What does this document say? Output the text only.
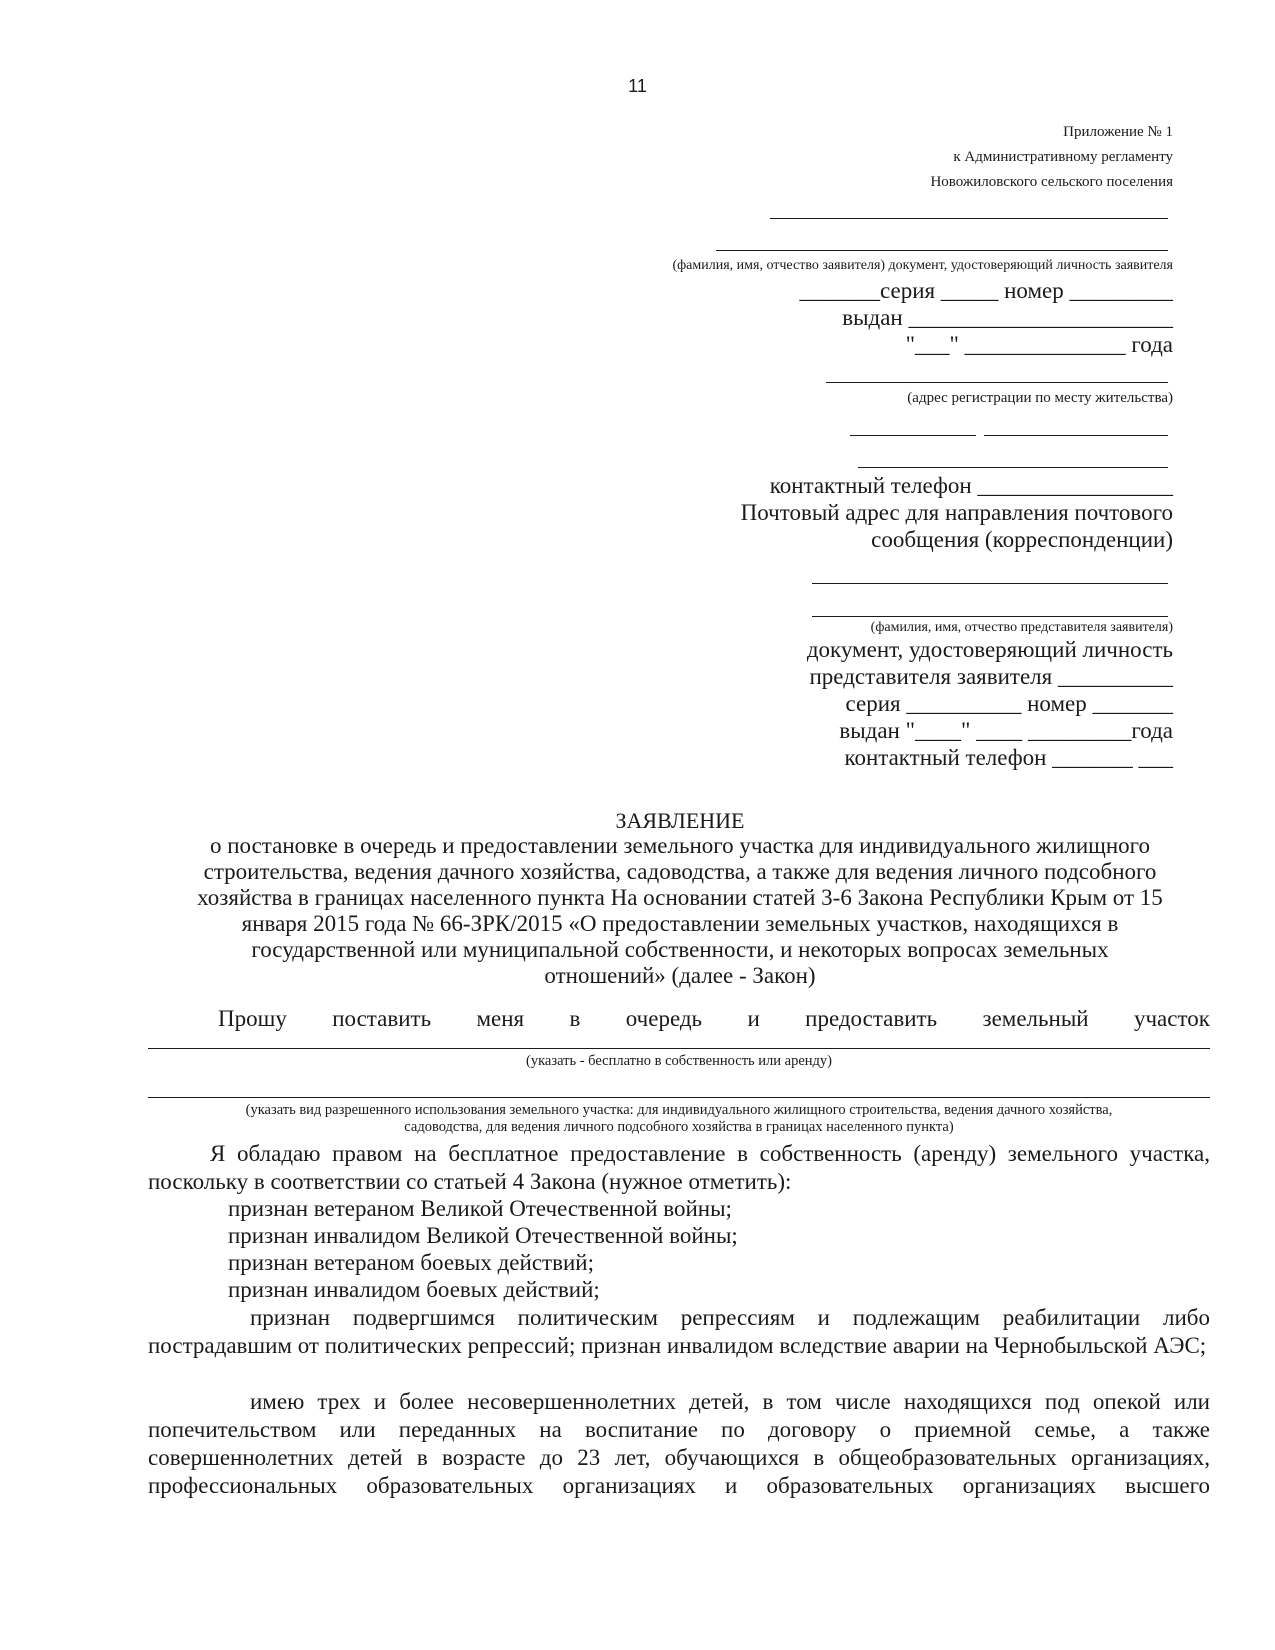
11
Приложение № 1
к Административному регламенту
Новожиловского сельского поселения
(фамилия, имя, отчество заявителя) документ, удостоверяющий личность заявителя
_______серия _____ номер _________
выдан _______________________
"___" ______________ года
(адрес регистрации по месту жительства)
контактный телефон _________________
Почтовый адрес для направления почтового
сообщения (корреспонденции)
(фамилия, имя, отчество представителя заявителя)
документ, удостоверяющий личность
представителя заявителя __________
серия __________ номер _______
выдан "____" ____ _________года
контактный телефон _______ ___
ЗАЯВЛЕНИЕ
о постановке в очередь и предоставлении земельного участка для индивидуального жилищного
строительства, ведения дачного хозяйства, садоводства, а также для ведения личного подсобного
хозяйства в границах населенного пункта На основании статей 3-6 Закона Республики Крым от 15
января 2015 года № 66-ЗРК/2015 «О предоставлении земельных участков, находящихся в
государственной или муниципальной собственности, и некоторых вопросах земельных
отношений» (далее - Закон)
Прошу поставить меня в очередь и предоставить земельный участок
(указать - бесплатно в собственность или аренду)
(указать вид разрешенного использования земельного участка: для индивидуального жилищного строительства, ведения дачного хозяйства,
садоводства, для ведения личного подсобного хозяйства в границах населенного пункта)

Я обладаю правом на бесплатное предоставление в собственность (аренду) земельного участка, поскольку в соответствии со статьей 4 Закона (нужное отметить):

признан ветераном Великой Отечественной войны;
признан инвалидом Великой Отечественной войны;
признан ветераном боевых действий;
признан инвалидом боевых действий;

признан подвергшимся политическим репрессиям и подлежащим реабилитации либо пострадавшим от политических репрессий; признан инвалидом вследствие аварии на Чернобыльской АЭС;

имею трех и более несовершеннолетних детей, в том числе находящихся под опекой или попечительством или переданных на воспитание по договору о приемной семье, а также совершеннолетних детей в возрасте до 23 лет, обучающихся в общеобразовательных организациях, профессиональных образовательных организациях и образовательных организациях высшего
